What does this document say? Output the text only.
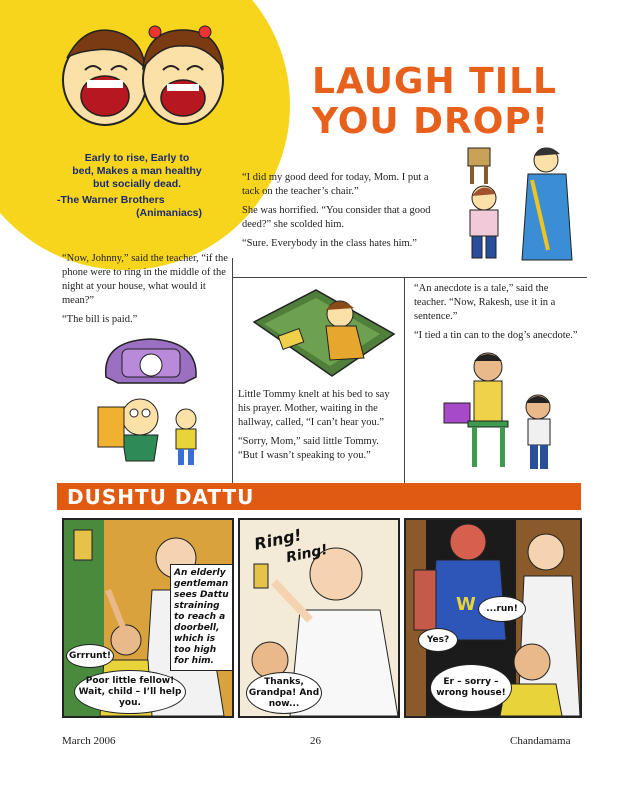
LAUGH TILL
YOU DROP!
Early to rise, Early to
bed, Makes a man healthy
but socially dead.
-The Warner Brothers
(Animaniacs)

“I did my good deed for today, Mom. I put a tack on the teacher’s chair.”

She was horrified. “You consider that a good deed?” she scolded him.

“Sure. Everybody in the class hates him.”

“Now, Johnny,” said the teacher, “if the phone were to ring in the middle of the night at your house, what would it mean?”

“The bill is paid.”

Little Tommy knelt at his bed to say his prayer. Mother, waiting in the hallway, called, “I can’t hear you.”

“Sorry, Mom,” said little Tommy. “But I wasn’t speaking to you.”

“An anecdote is a tale,” said the teacher. “Now, Rakesh, use it in a sentence.”

“I tied a tin can to the dog’s anecdote.”

DUSHTU DATTU
An elderly gentleman sees Dattu straining to reach a doorbell, which is too high for him.
Grrrunt!
Poor little fellow! Wait, child – I’ll help you.
Ring!
Ring!
Thanks, Grandpa! And now...
W	...run!
Yes?
Er – sorry – wrong house!
March 2006	26	Chandamama
